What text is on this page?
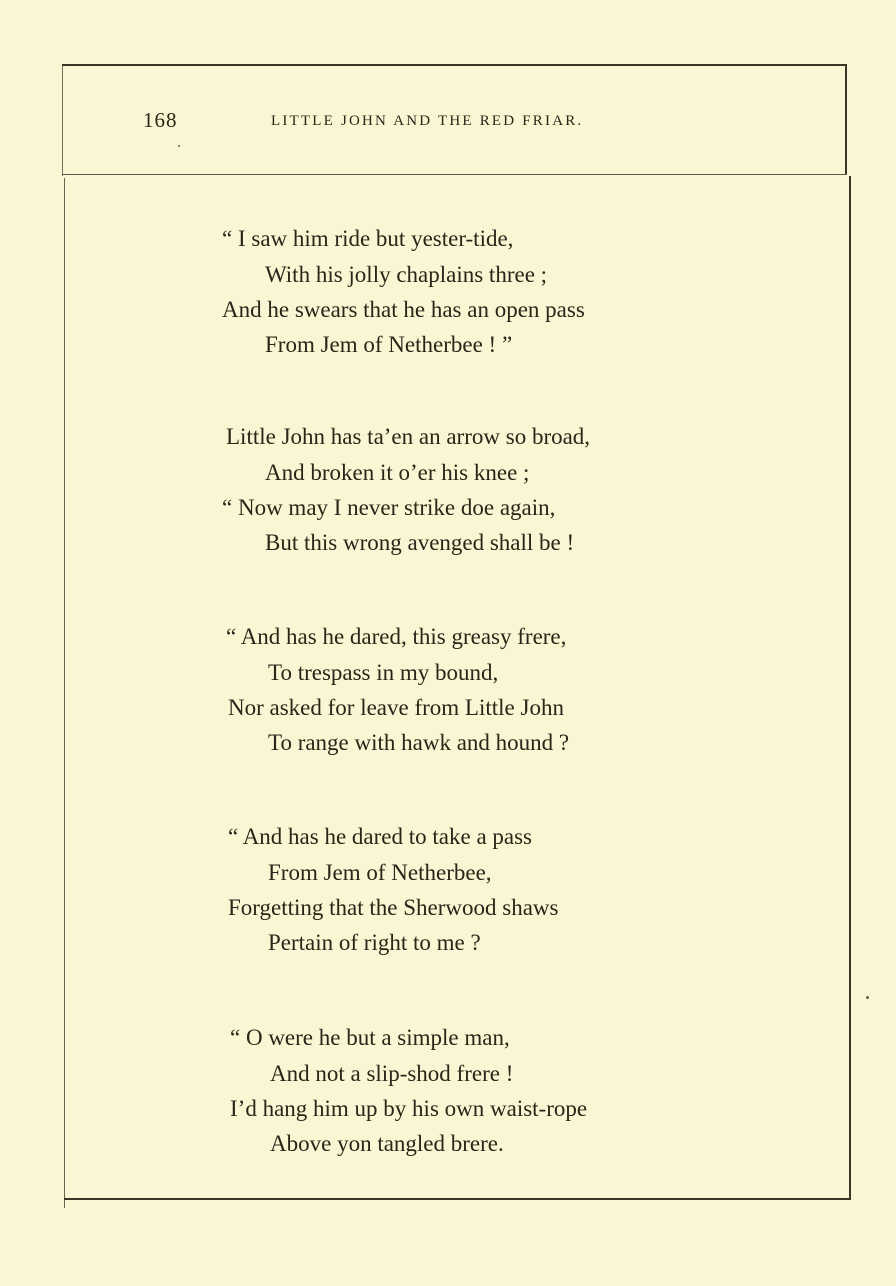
168	LITTLE JOHN AND THE RED FRIAR.
“ I saw him ride but yester-tide,
With his jolly chaplains three ;
And he swears that he has an open pass
From Jem of Netherbee ! ”
Little John has ta’en an arrow so broad,
And broken it o’er his knee ;
“ Now may I never strike doe again,
But this wrong avenged shall be !
“ And has he dared, this greasy frere,
To trespass in my bound,
Nor asked for leave from Little John
To range with hawk and hound ?
“ And has he dared to take a pass
From Jem of Netherbee,
Forgetting that the Sherwood shaws
Pertain of right to me ?
“ O were he but a simple man,
And not a slip-shod frere !
I’d hang him up by his own waist-rope
Above yon tangled brere.
